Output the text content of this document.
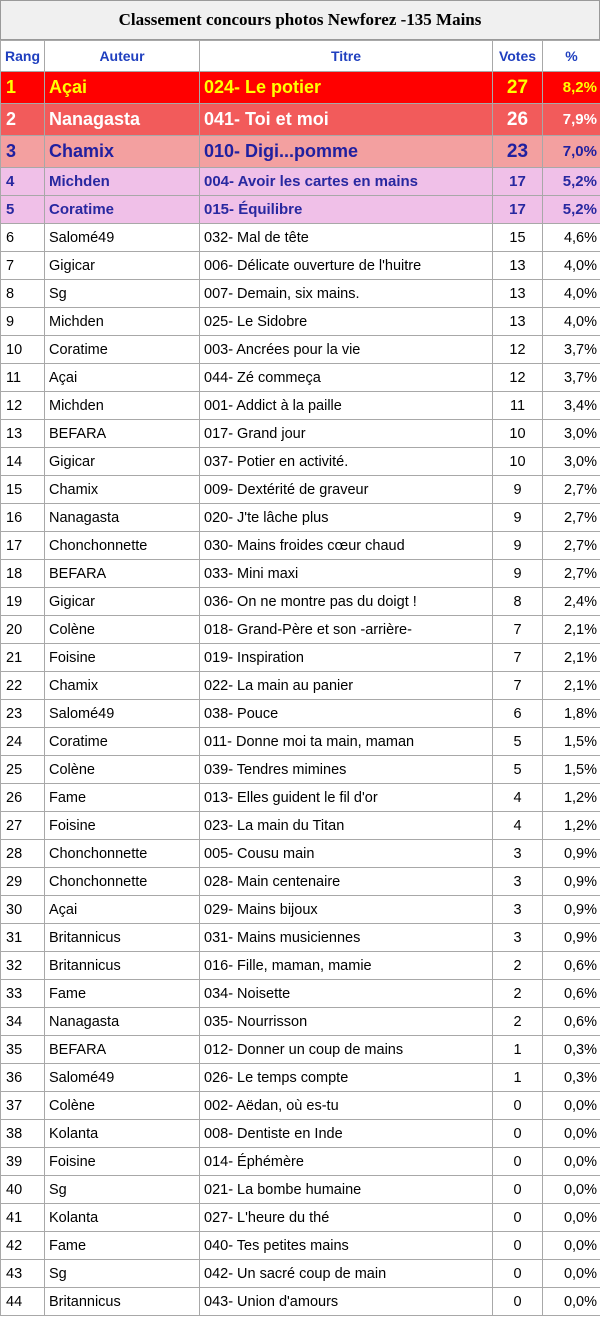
Classement concours photos Newforez -135 Mains
Rang	Auteur	Titre	Votes	%
1	Açai	024- Le potier	27	8,2%
2	Nanagasta	041- Toi et moi	26	7,9%
3	Chamix	010- Digi...pomme	23	7,0%
4	Michden	004- Avoir les cartes en mains	17	5,2%
5	Coratime	015- Équilibre	17	5,2%
6	Salomé49	032- Mal de tête	15	4,6%
7	Gigicar	006- Délicate ouverture de l'huitre	13	4,0%
8	Sg	007- Demain, six mains.	13	4,0%
9	Michden	025- Le Sidobre	13	4,0%
10	Coratime	003- Ancrées pour la vie	12	3,7%
11	Açai	044- Zé commeça	12	3,7%
12	Michden	001- Addict à la paille	11	3,4%
13	BEFARA	017- Grand jour	10	3,0%
14	Gigicar	037- Potier en activité.	10	3,0%
15	Chamix	009- Dextérité de graveur	9	2,7%
16	Nanagasta	020- J'te lâche plus	9	2,7%
17	Chonchonnette	030- Mains froides cœur chaud	9	2,7%
18	BEFARA	033- Mini maxi	9	2,7%
19	Gigicar	036- On ne montre pas du doigt !	8	2,4%
20	Colène	018- Grand-Père et son -arrière-	7	2,1%
21	Foisine	019- Inspiration	7	2,1%
22	Chamix	022- La main au panier	7	2,1%
23	Salomé49	038- Pouce	6	1,8%
24	Coratime	011- Donne moi ta main, maman	5	1,5%
25	Colène	039- Tendres mimines	5	1,5%
26	Fame	013- Elles guident le fil d'or	4	1,2%
27	Foisine	023- La main du Titan	4	1,2%
28	Chonchonnette	005- Cousu main	3	0,9%
29	Chonchonnette	028- Main centenaire	3	0,9%
30	Açai	029- Mains bijoux	3	0,9%
31	Britannicus	031- Mains musiciennes	3	0,9%
32	Britannicus	016- Fille, maman, mamie	2	0,6%
33	Fame	034- Noisette	2	0,6%
34	Nanagasta	035- Nourrisson	2	0,6%
35	BEFARA	012- Donner un coup de mains	1	0,3%
36	Salomé49	026- Le temps compte	1	0,3%
37	Colène	002- Aëdan, où es-tu	0	0,0%
38	Kolanta	008- Dentiste en Inde	0	0,0%
39	Foisine	014- Éphémère	0	0,0%
40	Sg	021- La bombe humaine	0	0,0%
41	Kolanta	027- L'heure du thé	0	0,0%
42	Fame	040- Tes petites mains	0	0,0%
43	Sg	042- Un sacré coup de main	0	0,0%
44	Britannicus	043- Union d'amours	0	0,0%
